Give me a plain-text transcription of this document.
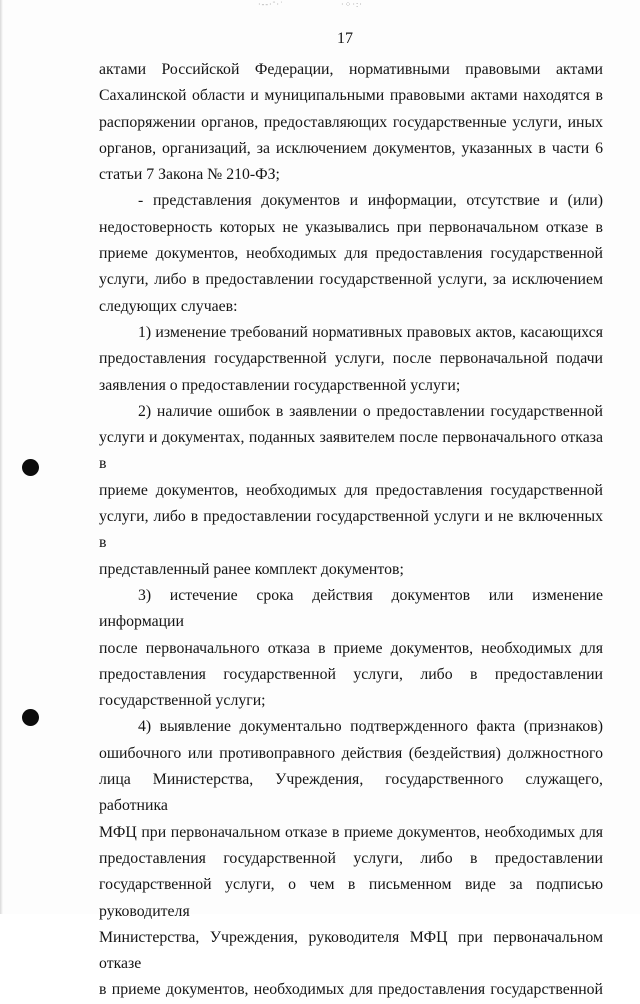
·-‐·¨·˙	·⁘·:·
17

актами Российской Федерации, нормативными правовыми актами

Сахалинской области и муниципальными правовыми актами находятся в

распоряжении органов, предоставляющих государственные услуги, иных

органов, организаций, за исключением документов, указанных в части 6

статьи 7 Закона № 210-ФЗ;

- представления документов и информации, отсутствие и (или)

недостоверность которых не указывались при первоначальном отказе в

приеме документов, необходимых для предоставления государственной

услуги, либо в предоставлении государственной услуги, за исключением

следующих случаев:

1) изменение требований нормативных правовых актов, касающихся

предоставления государственной услуги, после первоначальной подачи

заявления о предоставлении государственной услуги;

2) наличие ошибок в заявлении о предоставлении государственной

услуги и документах, поданных заявителем после первоначального отказа в

приеме документов, необходимых для предоставления государственной

услуги, либо в предоставлении государственной услуги и не включенных в

представленный ранее комплект документов;

3) истечение срока действия документов или изменение информации

после первоначального отказа в приеме документов, необходимых для

предоставления государственной услуги, либо в предоставлении

государственной услуги;

4) выявление документально подтвержденного факта (признаков)

ошибочного или противоправного действия (бездействия) должностного

лица Министерства, Учреждения, государственного служащего, работника

МФЦ при первоначальном отказе в приеме документов, необходимых для

предоставления государственной услуги, либо в предоставлении

государственной услуги, о чем в письменном виде за подписью руководителя

Министерства, Учреждения, руководителя МФЦ при первоначальном отказе

в приеме документов, необходимых для предоставления государственной
